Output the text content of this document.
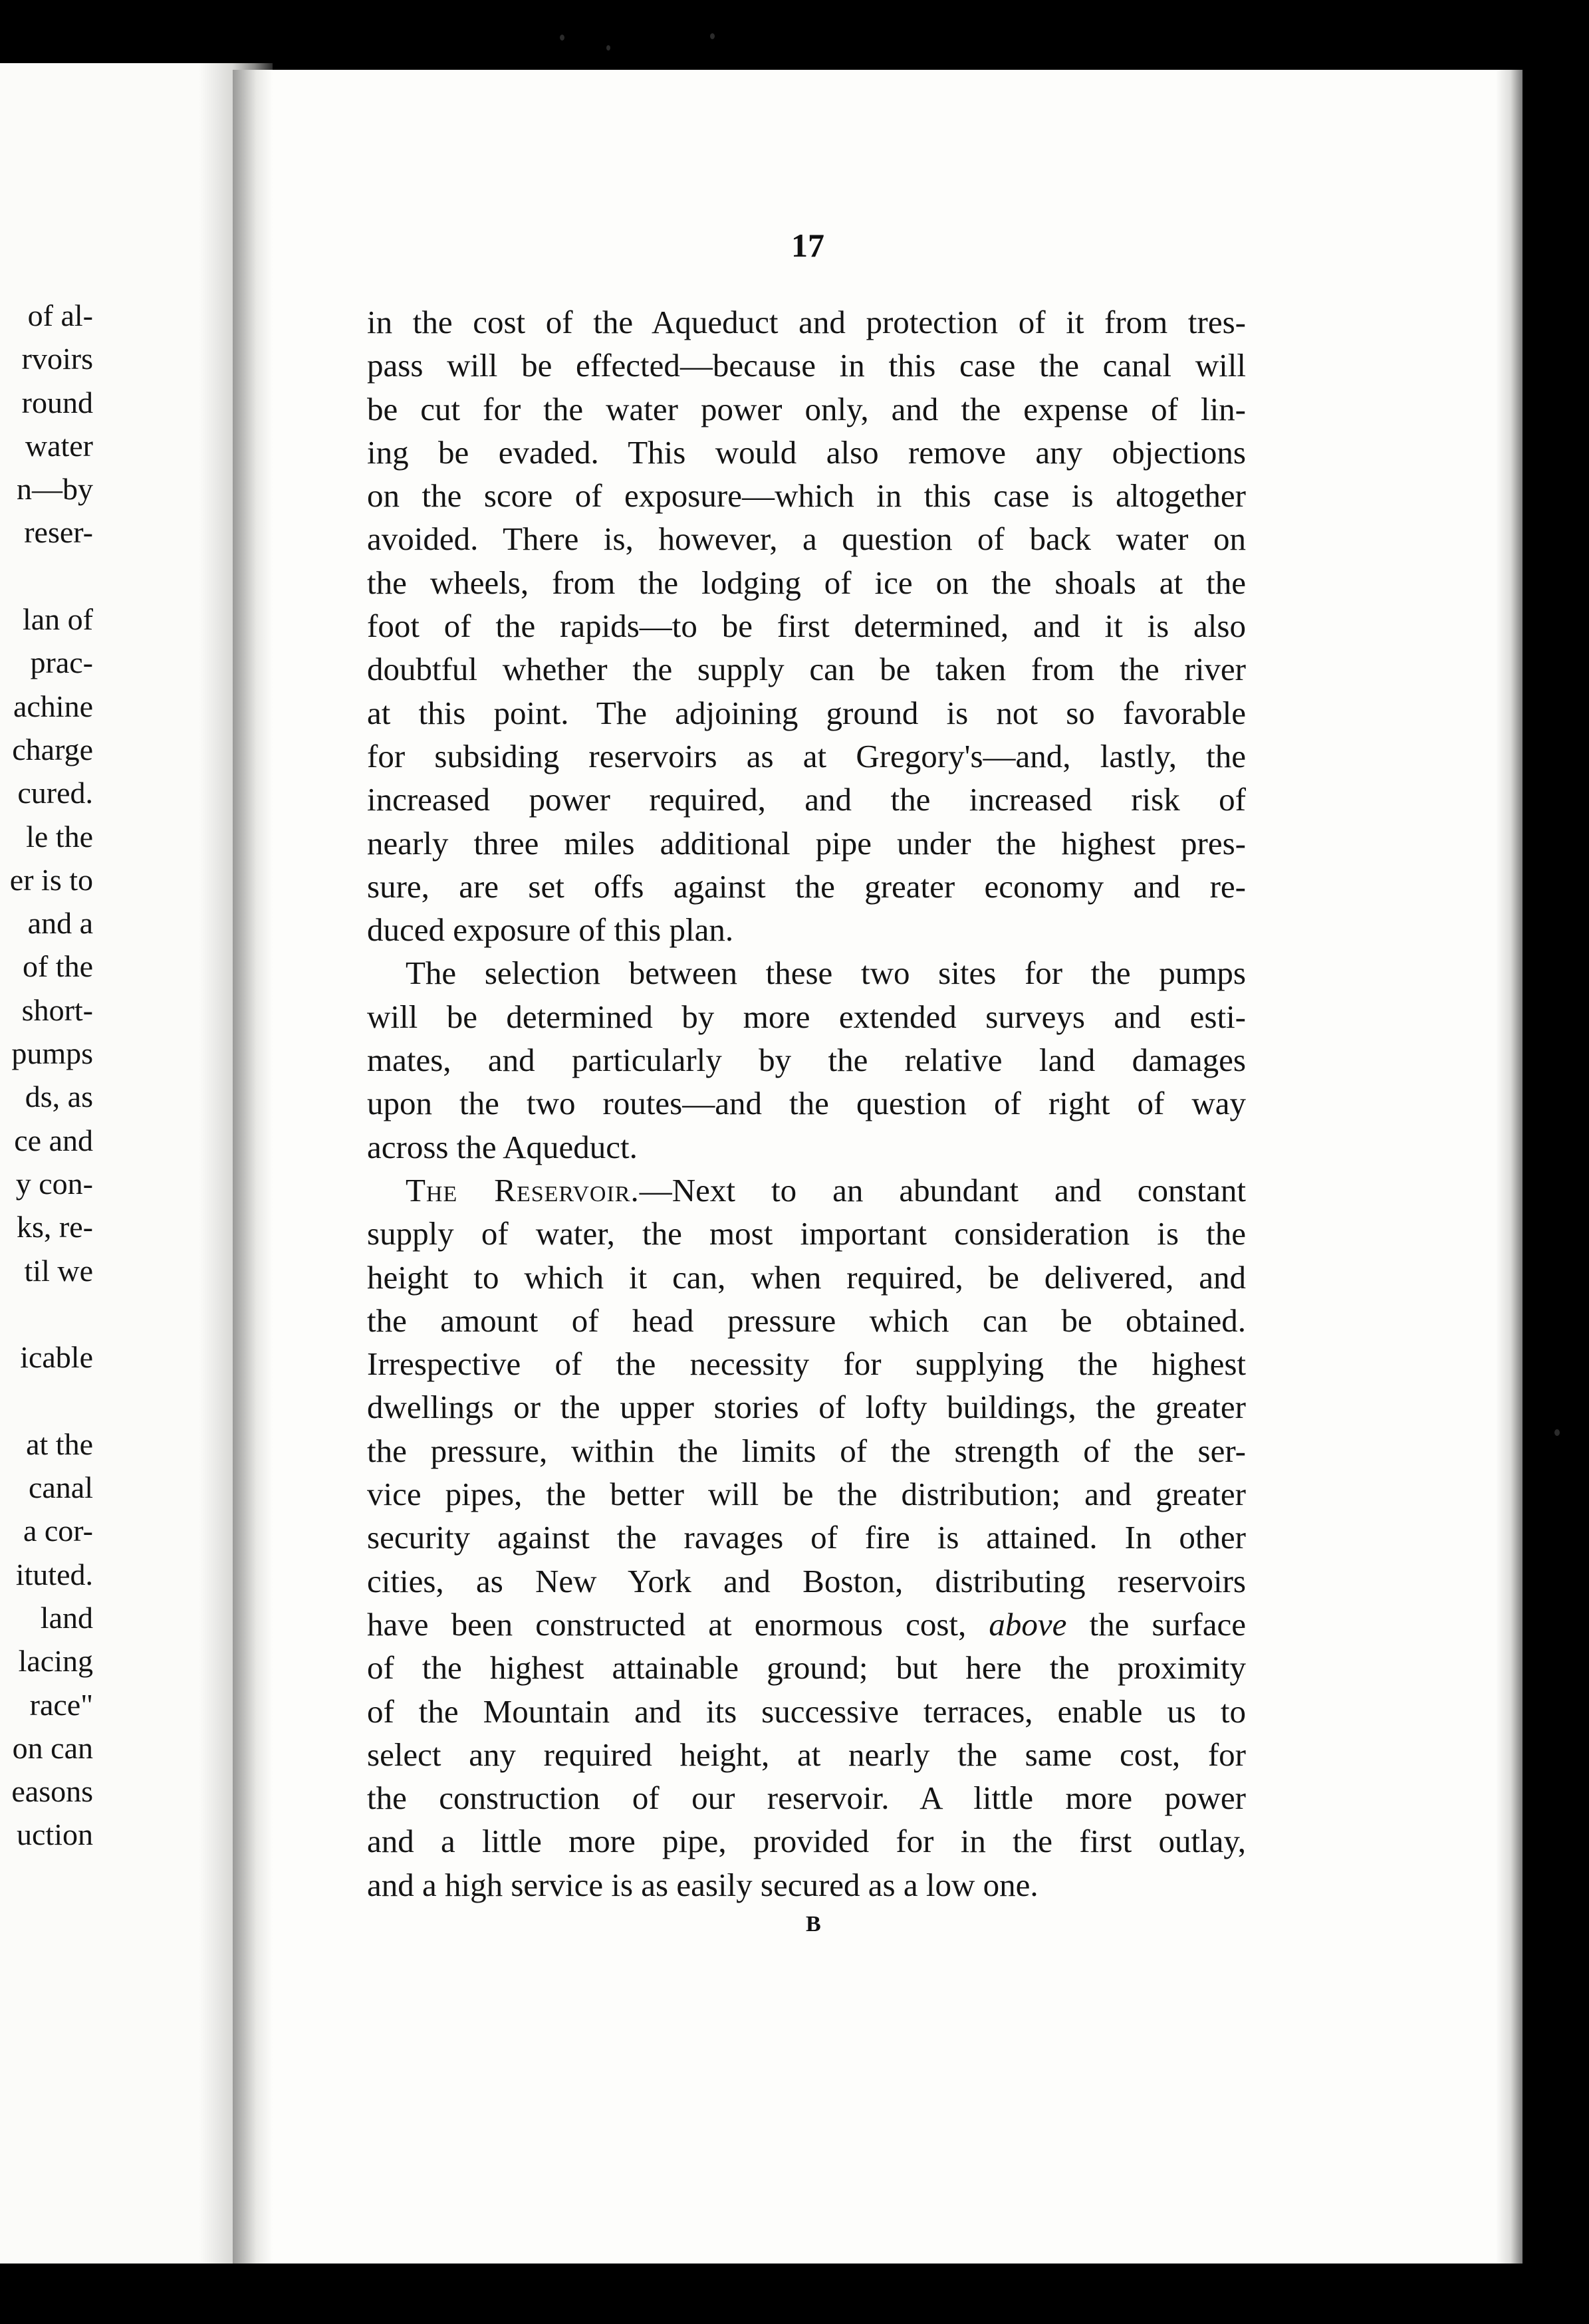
of al-
rvoirs
round
water
n—by
reser-
lan of
prac-
achine
charge
cured.
le the
er is to
and a
of the
short-
pumps
ds, as
ce and
y con-
ks, re-
til we
icable
at the
canal
a cor-
ituted.
land
lacing
race"
on can
easons
uction
17
in the cost of the Aqueduct and protection of it from tres-
pass will be effected—because in this case the canal will
be cut for the water power only, and the expense of lin-
ing be evaded. This would also remove any objections
on the score of exposure—which in this case is altogether
avoided. There is, however, a question of back water on
the wheels, from the lodging of ice on the shoals at the
foot of the rapids—to be first determined, and it is also
doubtful whether the supply can be taken from the river
at this point. The adjoining ground is not so favorable
for subsiding reservoirs as at Gregory's—and, lastly, the
increased power required, and the increased risk of
nearly three miles additional pipe under the highest pres-
sure, are set offs against the greater economy and re-
duced exposure of this plan.
The selection between these two sites for the pumps
will be determined by more extended surveys and esti-
mates, and particularly by the relative land damages
upon the two routes—and the question of right of way
across the Aqueduct.
The Reservoir.—Next to an abundant and constant
supply of water, the most important consideration is the
height to which it can, when required, be delivered, and
the amount of head pressure which can be obtained.
Irrespective of the necessity for supplying the highest
dwellings or the upper stories of lofty buildings, the greater
the pressure, within the limits of the strength of the ser-
vice pipes, the better will be the distribution; and greater
security against the ravages of fire is attained. In other
cities, as New York and Boston, distributing reservoirs
have been constructed at enormous cost, above the surface
of the highest attainable ground; but here the proximity
of the Mountain and its successive terraces, enable us to
select any required height, at nearly the same cost, for
the construction of our reservoir. A little more power
and a little more pipe, provided for in the first outlay,
and a high service is as easily secured as a low one.
B
